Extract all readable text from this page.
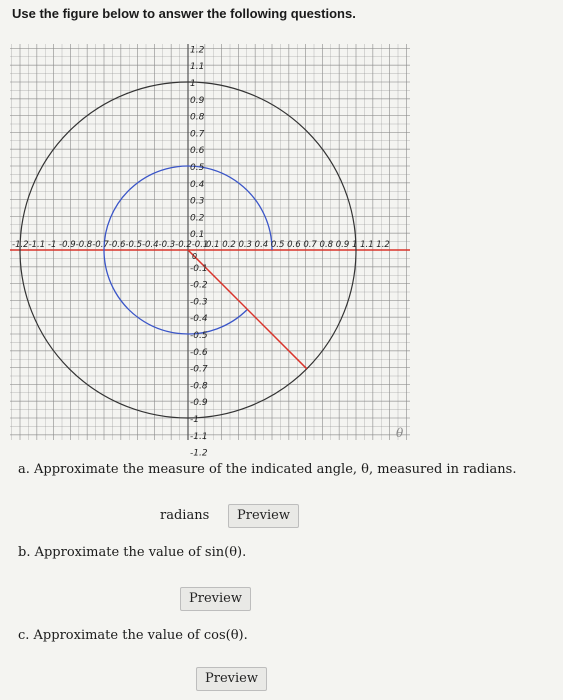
Use the figure below to answer the following questions.
1.2
1.1
1
0.9
0.8
0.7
0.6
0.5
0.4
0.3
0.2
0.1
-0.1
-0.2
-0.3
-0.4
-0.5
-0.6
-0.7
-0.8
-0.9
-1
-1.1
-1.2
-1.2-1.1 -1 -0.9-0.8-0.7-0.6-0.5-0.4-0.3-0.2-0.1
0.1 0.2 0.3 0.4 0.5 0.6 0.7 0.8 0.9 1 1.1 1.2
0
θ
a. Approximate the measure of the indicated angle, θ, measured in radians.
radians	Preview
b. Approximate the value of sin(θ).
Preview
c. Approximate the value of cos(θ).
Preview
